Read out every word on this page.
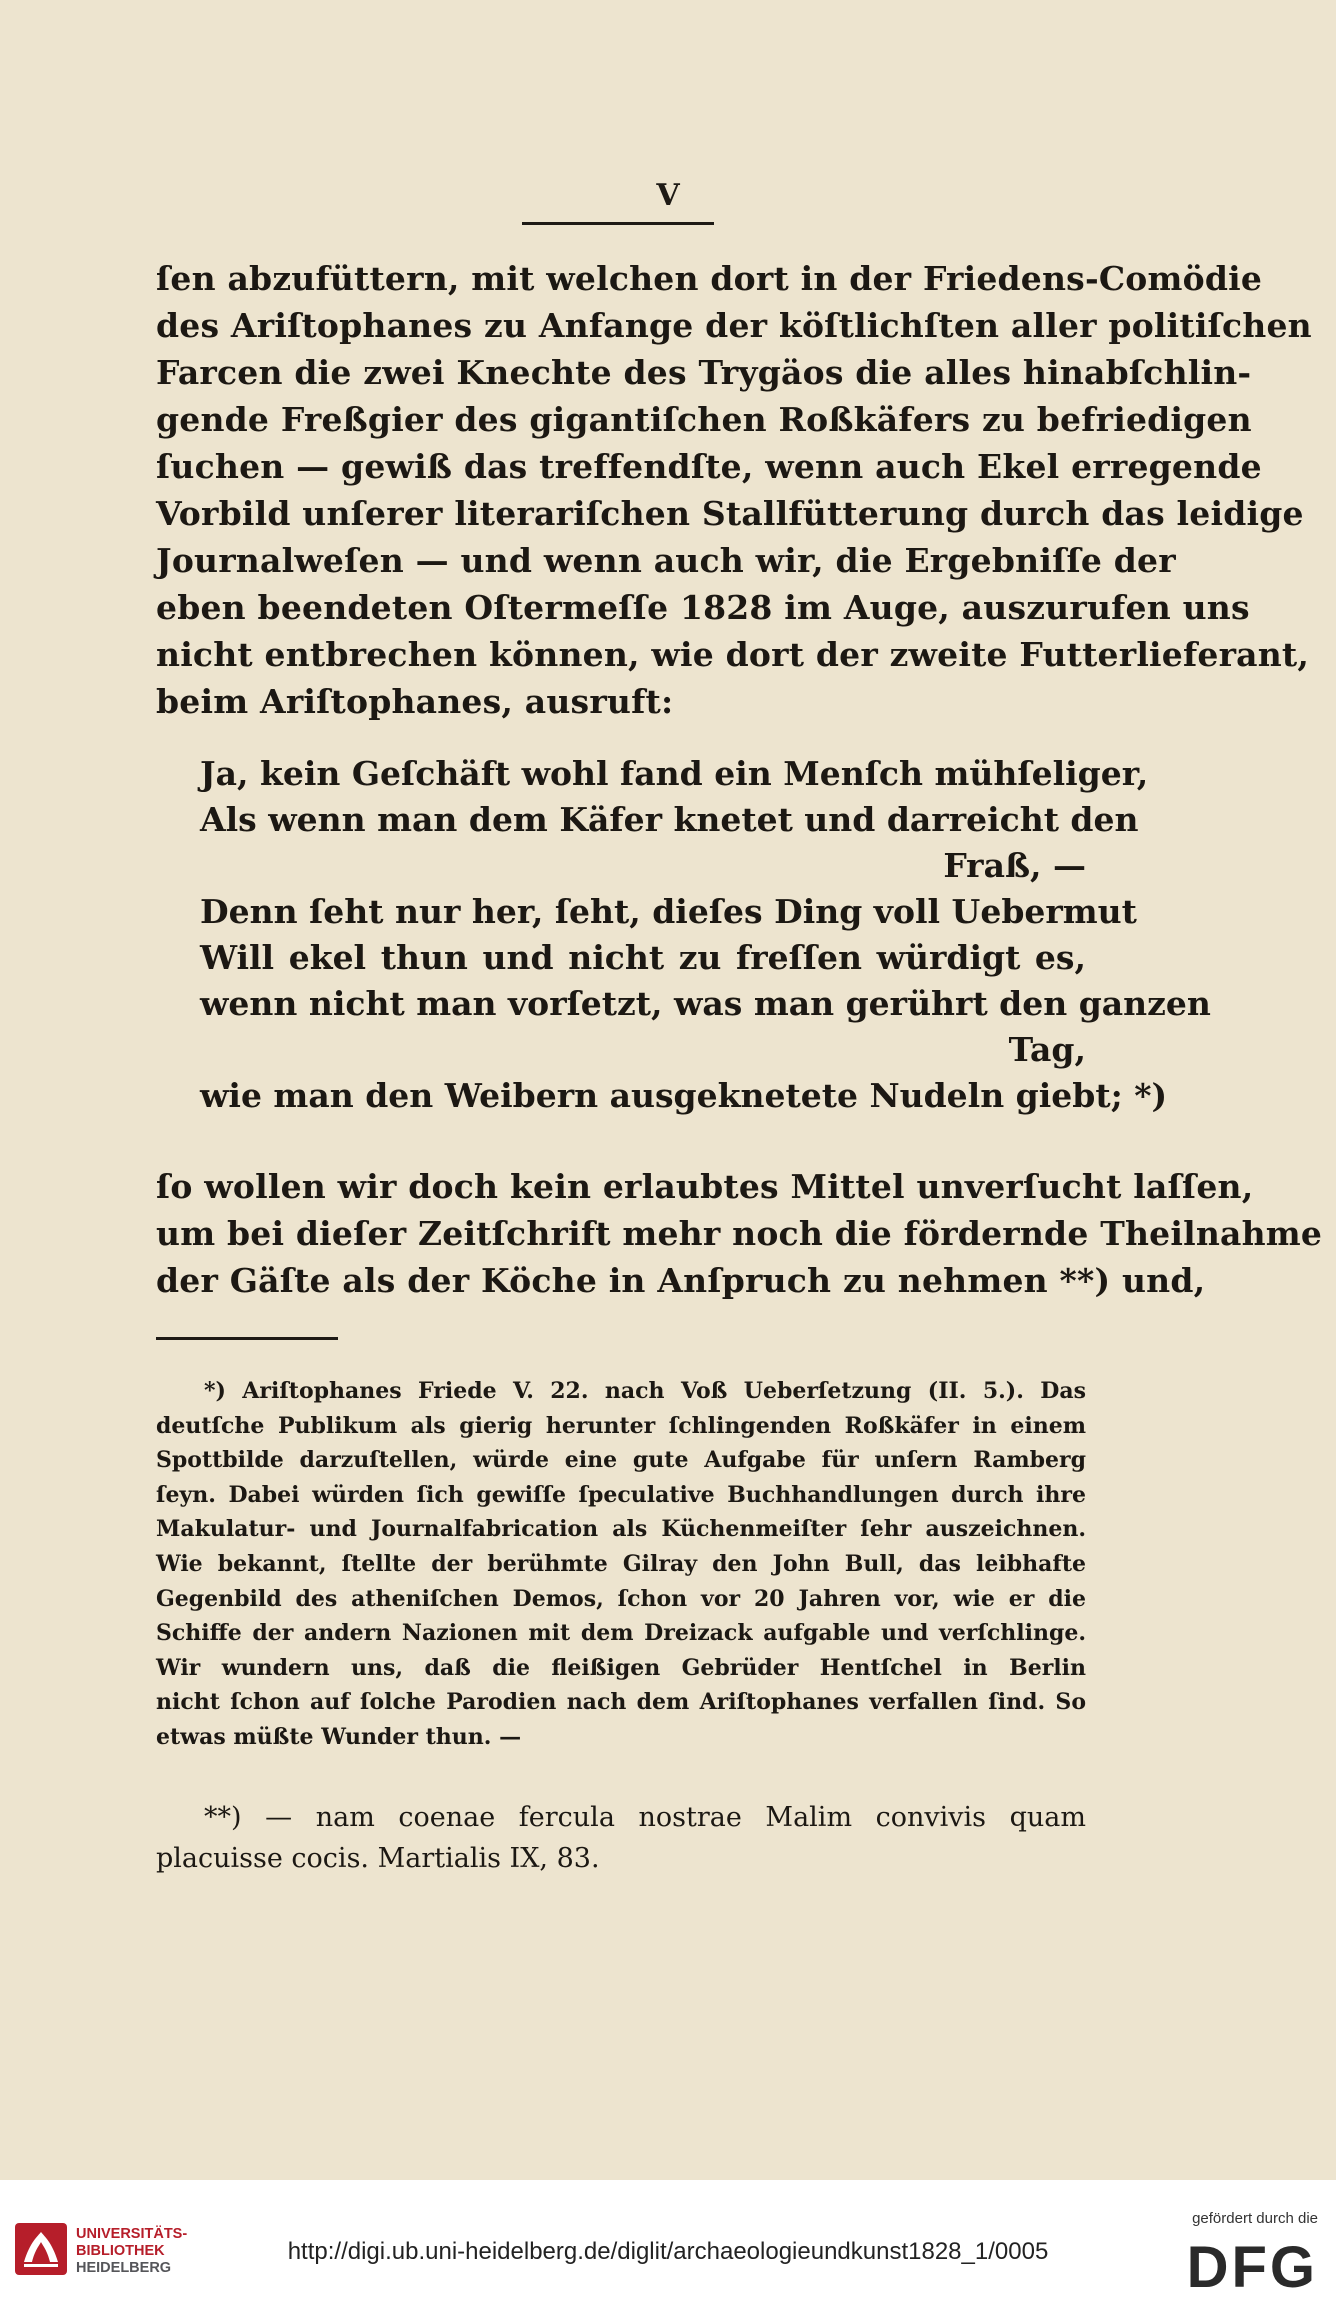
V
ſen abzufüttern, mit welchen dort in der Friedens-Comödie
des Ariſtophanes zu Anfange der köſtlichſten aller politiſchen
Farcen die zwei Knechte des Trygäos die alles hinabſchlin-
gende Freßgier des gigantiſchen Roßkäfers zu befriedigen
ſuchen — gewiß das treffendſte, wenn auch Ekel erregende
Vorbild unſerer literariſchen Stallfütterung durch das leidige
Journalweſen — und wenn auch wir, die Ergebniſſe der
eben beendeten Oſtermeſſe 1828 im Auge, auszurufen uns
nicht entbrechen können, wie dort der zweite Futterlieferant,
beim Ariſtophanes, ausruft:
Ja, kein Geſchäft wohl fand ein Menſch mühſeliger,
Als wenn man dem Käfer knetet und darreicht den
Fraß, —
Denn ſeht nur her, ſeht, dieſes Ding voll Uebermut
Will ekel thun und nicht zu freſſen würdigt es,
wenn nicht man vorſetzt, was man gerührt den ganzen
Tag,
wie man den Weibern ausgeknetete Nudeln giebt; *)
ſo wollen wir doch kein erlaubtes Mittel unverſucht laſſen,
um bei dieſer Zeitſchrift mehr noch die fördernde Theilnahme
der Gäſte als der Köche in Anſpruch zu nehmen **) und,
*) Ariſtophanes Friede V. 22. nach Voß Ueberſetzung (II. 5.). Das
deutſche Publikum als gierig herunter ſchlingenden Roßkäfer in einem
Spottbilde darzuſtellen, würde eine gute Aufgabe für unſern Ramberg
ſeyn. Dabei würden ſich gewiſſe ſpeculative Buchhandlungen durch ihre
Makulatur- und Journalfabrication als Küchenmeiſter ſehr auszeichnen.
Wie bekannt, ſtellte der berühmte Gilray den John Bull, das leibhafte
Gegenbild des atheniſchen Demos, ſchon vor 20 Jahren vor, wie er die
Schiffe der andern Nazionen mit dem Dreizack aufgable und verſchlinge.
Wir wundern uns, daß die fleißigen Gebrüder Hentſchel in Berlin
nicht ſchon auf ſolche Parodien nach dem Ariſtophanes verfallen ſind. So
etwas müßte Wunder thun. —
**) — nam coenae fercula nostrae Malim convivis quam
placuisse cocis. Martialis IX, 83.
UNIVERSITÄTS-
BIBLIOTHEK
HEIDELBERG
http://digi.ub.uni-heidelberg.de/diglit/archaeologieundkunst1828_1/0005
gefördert durch die
DFG
